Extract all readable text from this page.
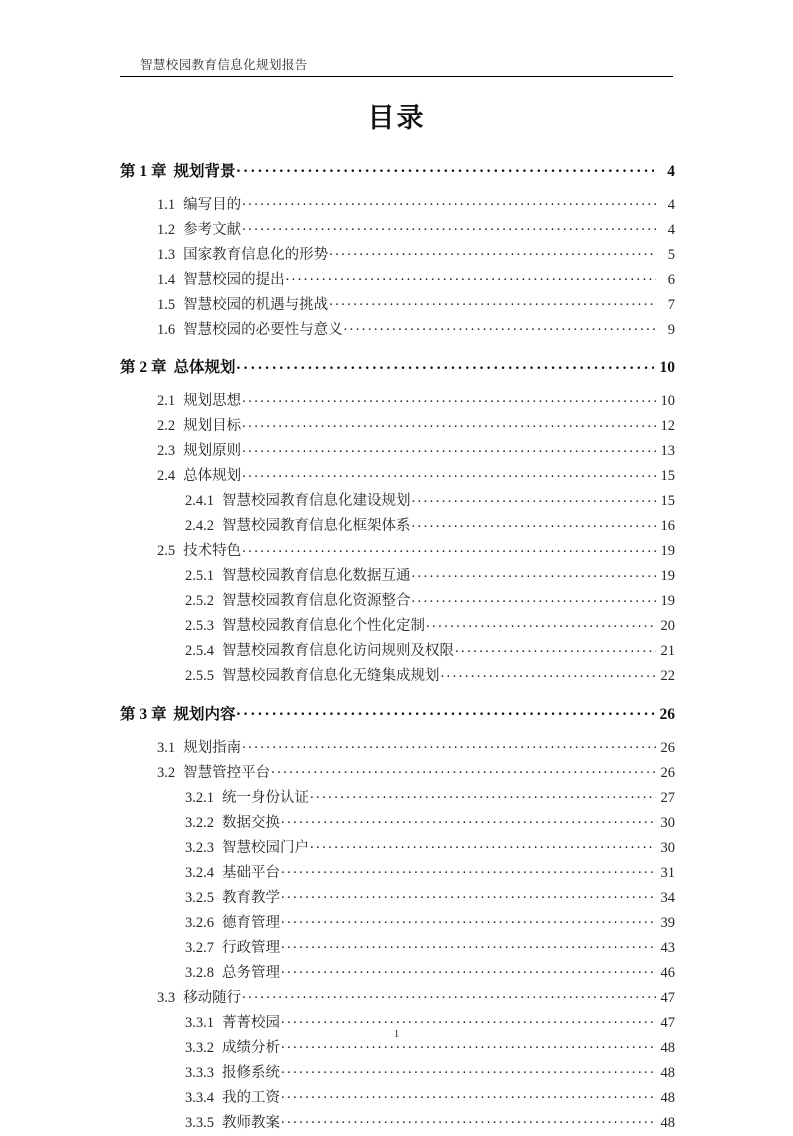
智慧校园教育信息化规划报告
目录
第 1 章 规划背景 . . .	4
1.1 编写目的 . . .	4
1.2 参考文献 . . .	4
1.3 国家教育信息化的形势 . . .	5
1.4 智慧校园的提出 . . .	6
1.5 智慧校园的机遇与挑战 . . .	7
1.6 智慧校园的必要性与意义 . . .	9
第 2 章 总体规划 . . .	10
2.1 规划思想 . . .	10
2.2 规划目标 . . .	12
2.3 规划原则 . . .	13
2.4 总体规划 . . .	15
2.4.1 智慧校园教育信息化建设规划 . . .	15
2.4.2 智慧校园教育信息化框架体系 . . .	16
2.5 技术特色 . . .	19
2.5.1 智慧校园教育信息化数据互通 . . .	19
2.5.2 智慧校园教育信息化资源整合 . . .	19
2.5.3 智慧校园教育信息化个性化定制 . . .	20
2.5.4 智慧校园教育信息化访问规则及权限 . . .	21
2.5.5 智慧校园教育信息化无缝集成规划 . . .	22
第 3 章 规划内容 . . .	26
3.1 规划指南 . . .	26
3.2 智慧管控平台 . . .	26
3.2.1 统一身份认证 . . .	27
3.2.2 数据交换 . . .	30
3.2.3 智慧校园门户 . . .	30
3.2.4 基础平台 . . .	31
3.2.5 教育教学 . . .	34
3.2.6 德育管理 . . .	39
3.2.7 行政管理 . . .	43
3.2.8 总务管理 . . .	46
3.3 移动随行 . . .	47
3.3.1 菁菁校园 . . .	47
3.3.2 成绩分析 . . .	48
3.3.3 报修系统 . . .	48
3.3.4 我的工资 . . .	48
3.3.5 教师教案 . . .	48
1
